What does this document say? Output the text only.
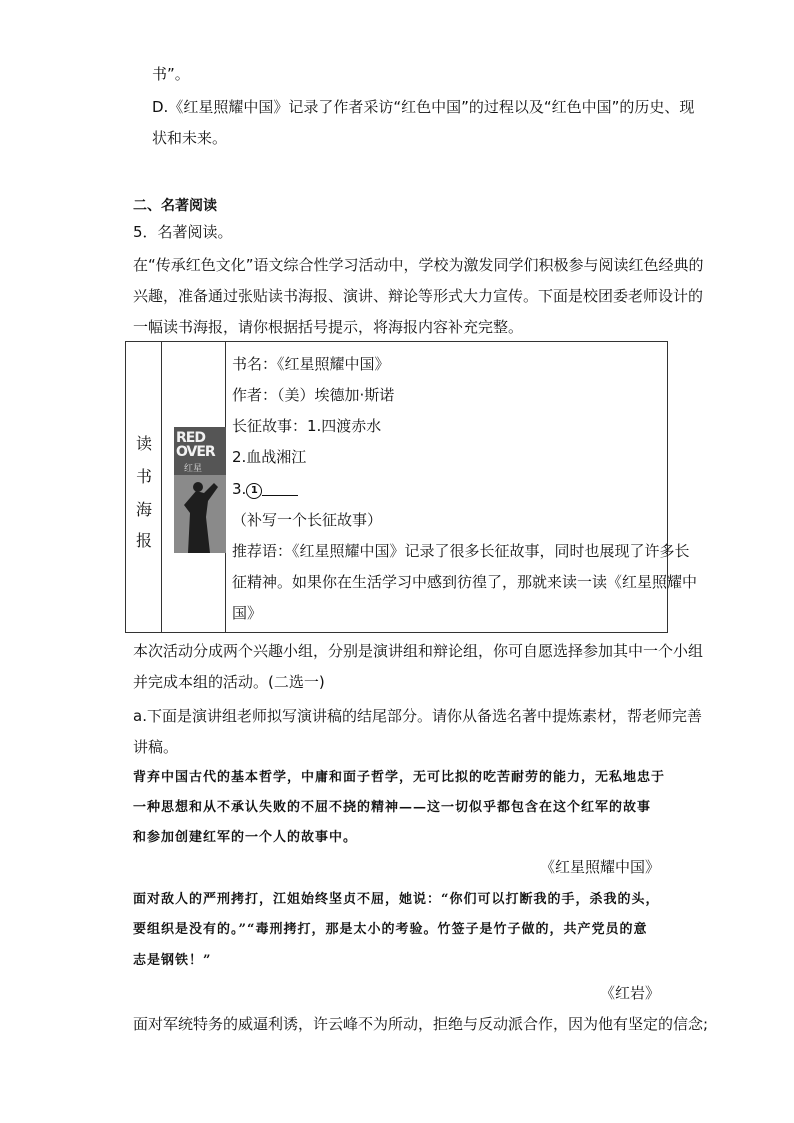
书”。
D.《红星照耀中国》记录了作者采访“红色中国”的过程以及“红色中国”的历史、现
状和未来。
二、名著阅读
5．名著阅读。
在“传承红色文化”语文综合性学习活动中，学校为激发同学们积极参与阅读红色经典的
兴趣，准备通过张贴读书海报、演讲、辩论等形式大力宣传。下面是校团委老师设计的
一幅读书海报，请你根据括号提示，将海报内容补充完整。
读
书
海
报
RED
OVER
红星
书名：《红星照耀中国》
作者：（美）埃德加·斯诺
长征故事：1.四渡赤水
2.血战湘江
3. 1
（补写一个长征故事）
推荐语：《红星照耀中国》记录了很多长征故事，同时也展现了许多长
征精神。如果你在生活学习中感到彷徨了，那就来读一读《红星照耀中
国》
本次活动分成两个兴趣小组，分别是演讲组和辩论组，你可自愿选择参加其中一个小组
并完成本组的活动。(二选一)
a.下面是演讲组老师拟写演讲稿的结尾部分。请你从备选名著中提炼素材，帮老师完善
讲稿。
背弃中国古代的基本哲学，中庸和面子哲学，无可比拟的吃苦耐劳的能力，无私地忠于
一种思想和从不承认失败的不屈不挠的精神——这一切似乎都包含在这个红军的故事
和参加创建红军的一个人的故事中。
《红星照耀中国》
面对敌人的严刑拷打，江姐始终坚贞不屈，她说：“你们可以打断我的手，杀我的头，
要组织是没有的。”“毒刑拷打，那是太小的考验。竹签子是竹子做的，共产党员的意
志是钢铁！”
《红岩》
面对军统特务的威逼利诱，许云峰不为所动，拒绝与反动派合作，因为他有坚定的信念;
